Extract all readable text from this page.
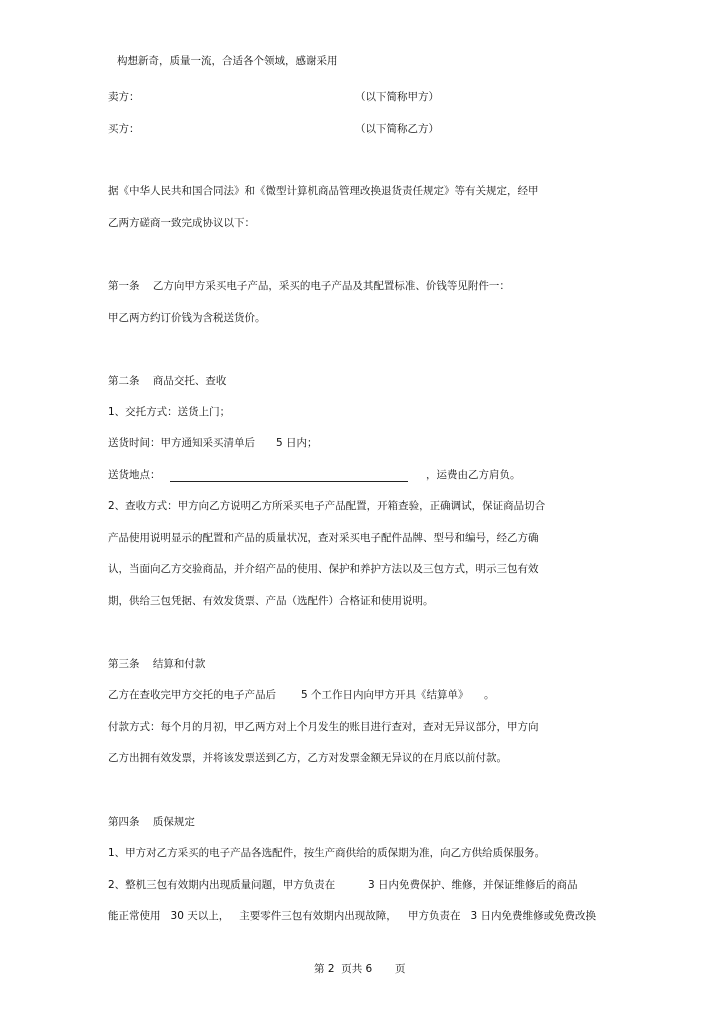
构想新奇，质量一流，合适各个领域，感谢采用
卖方：	（以下简称甲方）
买方：	（以下简称乙方）
据《中华人民共和国合同法》和《微型计算机商品管理改换退货责任规定》等有关规定，经甲
乙两方磋商一致完成协议以下：
第一条    乙方向甲方采买电子产品，采买的电子产品及其配置标准、价钱等见附件一：
甲乙两方约订价钱为含税送货价。
第二条    商品交托、查收
1、交托方式：送货上门；
送货时间：甲方通知采买清单后 5 日内；
送货地点：	，运费由乙方肩负。
2、查收方式：甲方向乙方说明乙方所采买电子产品配置，开箱查验，正确调试，保证商品切合
产品使用说明显示的配置和产品的质量状况，查对采买电子配件品牌、型号和编号，经乙方确
认，当面向乙方交验商品，并介绍产品的使用、保护和养护方法以及三包方式，明示三包有效
期，供给三包凭据、有效发货票、产品（选配件）合格证和使用说明。
第三条    结算和付款
乙方在查收完甲方交托的电子产品后 5 个工作日内向甲方开具《结算单》 。
付款方式：每个月的月初，甲乙两方对上个月发生的账目进行查对，查对无异议部分，甲方向
乙方出拥有效发票，并将该发票送到乙方，乙方对发票金额无异议的在月底以前付款。
第四条    质保规定
1、甲方对乙方采买的电子产品各选配件，按生产商供给的质保期为准，向乙方供给质保服务。
2、整机三包有效期内出现质量问题，甲方负责在	3 日内免费保护、维修，并保证维修后的商品
能正常使用   30 天以上，   主要零件三包有效期内出现故障， 甲方负责在   3 日内免费维修或免费改换
第 2  页共 6 页
